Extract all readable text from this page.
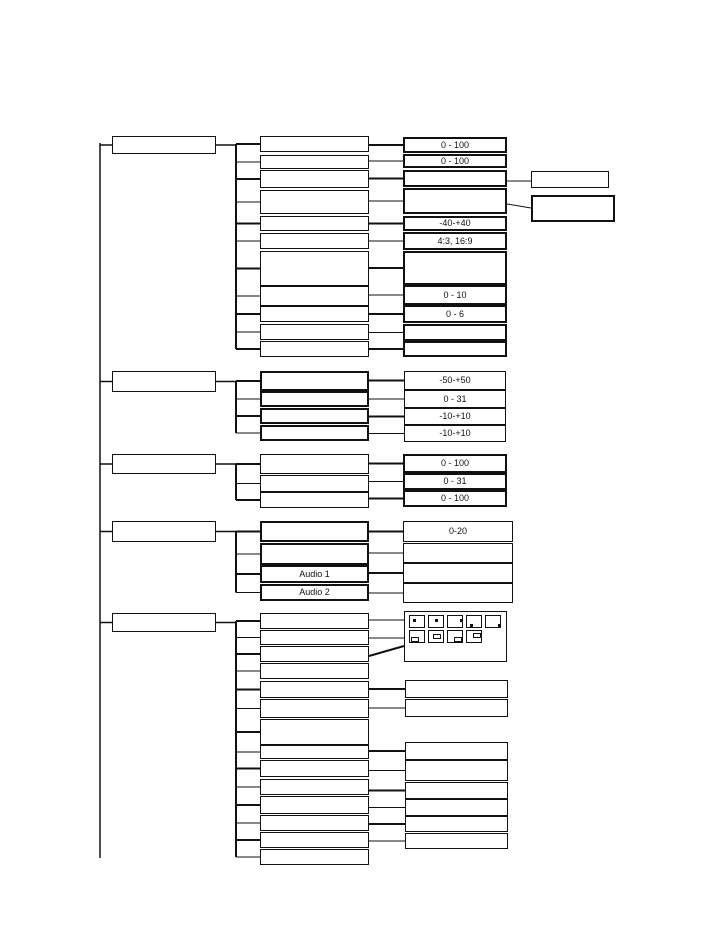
0 - 100
0 - 100
-40-+40
4:3, 16:9
0 - 10
0 - 6
-50-+50
0 - 31
-10-+10
-10-+10
0 - 100
0 - 31
0 - 100
Audio 1
Audio 2
0-20
